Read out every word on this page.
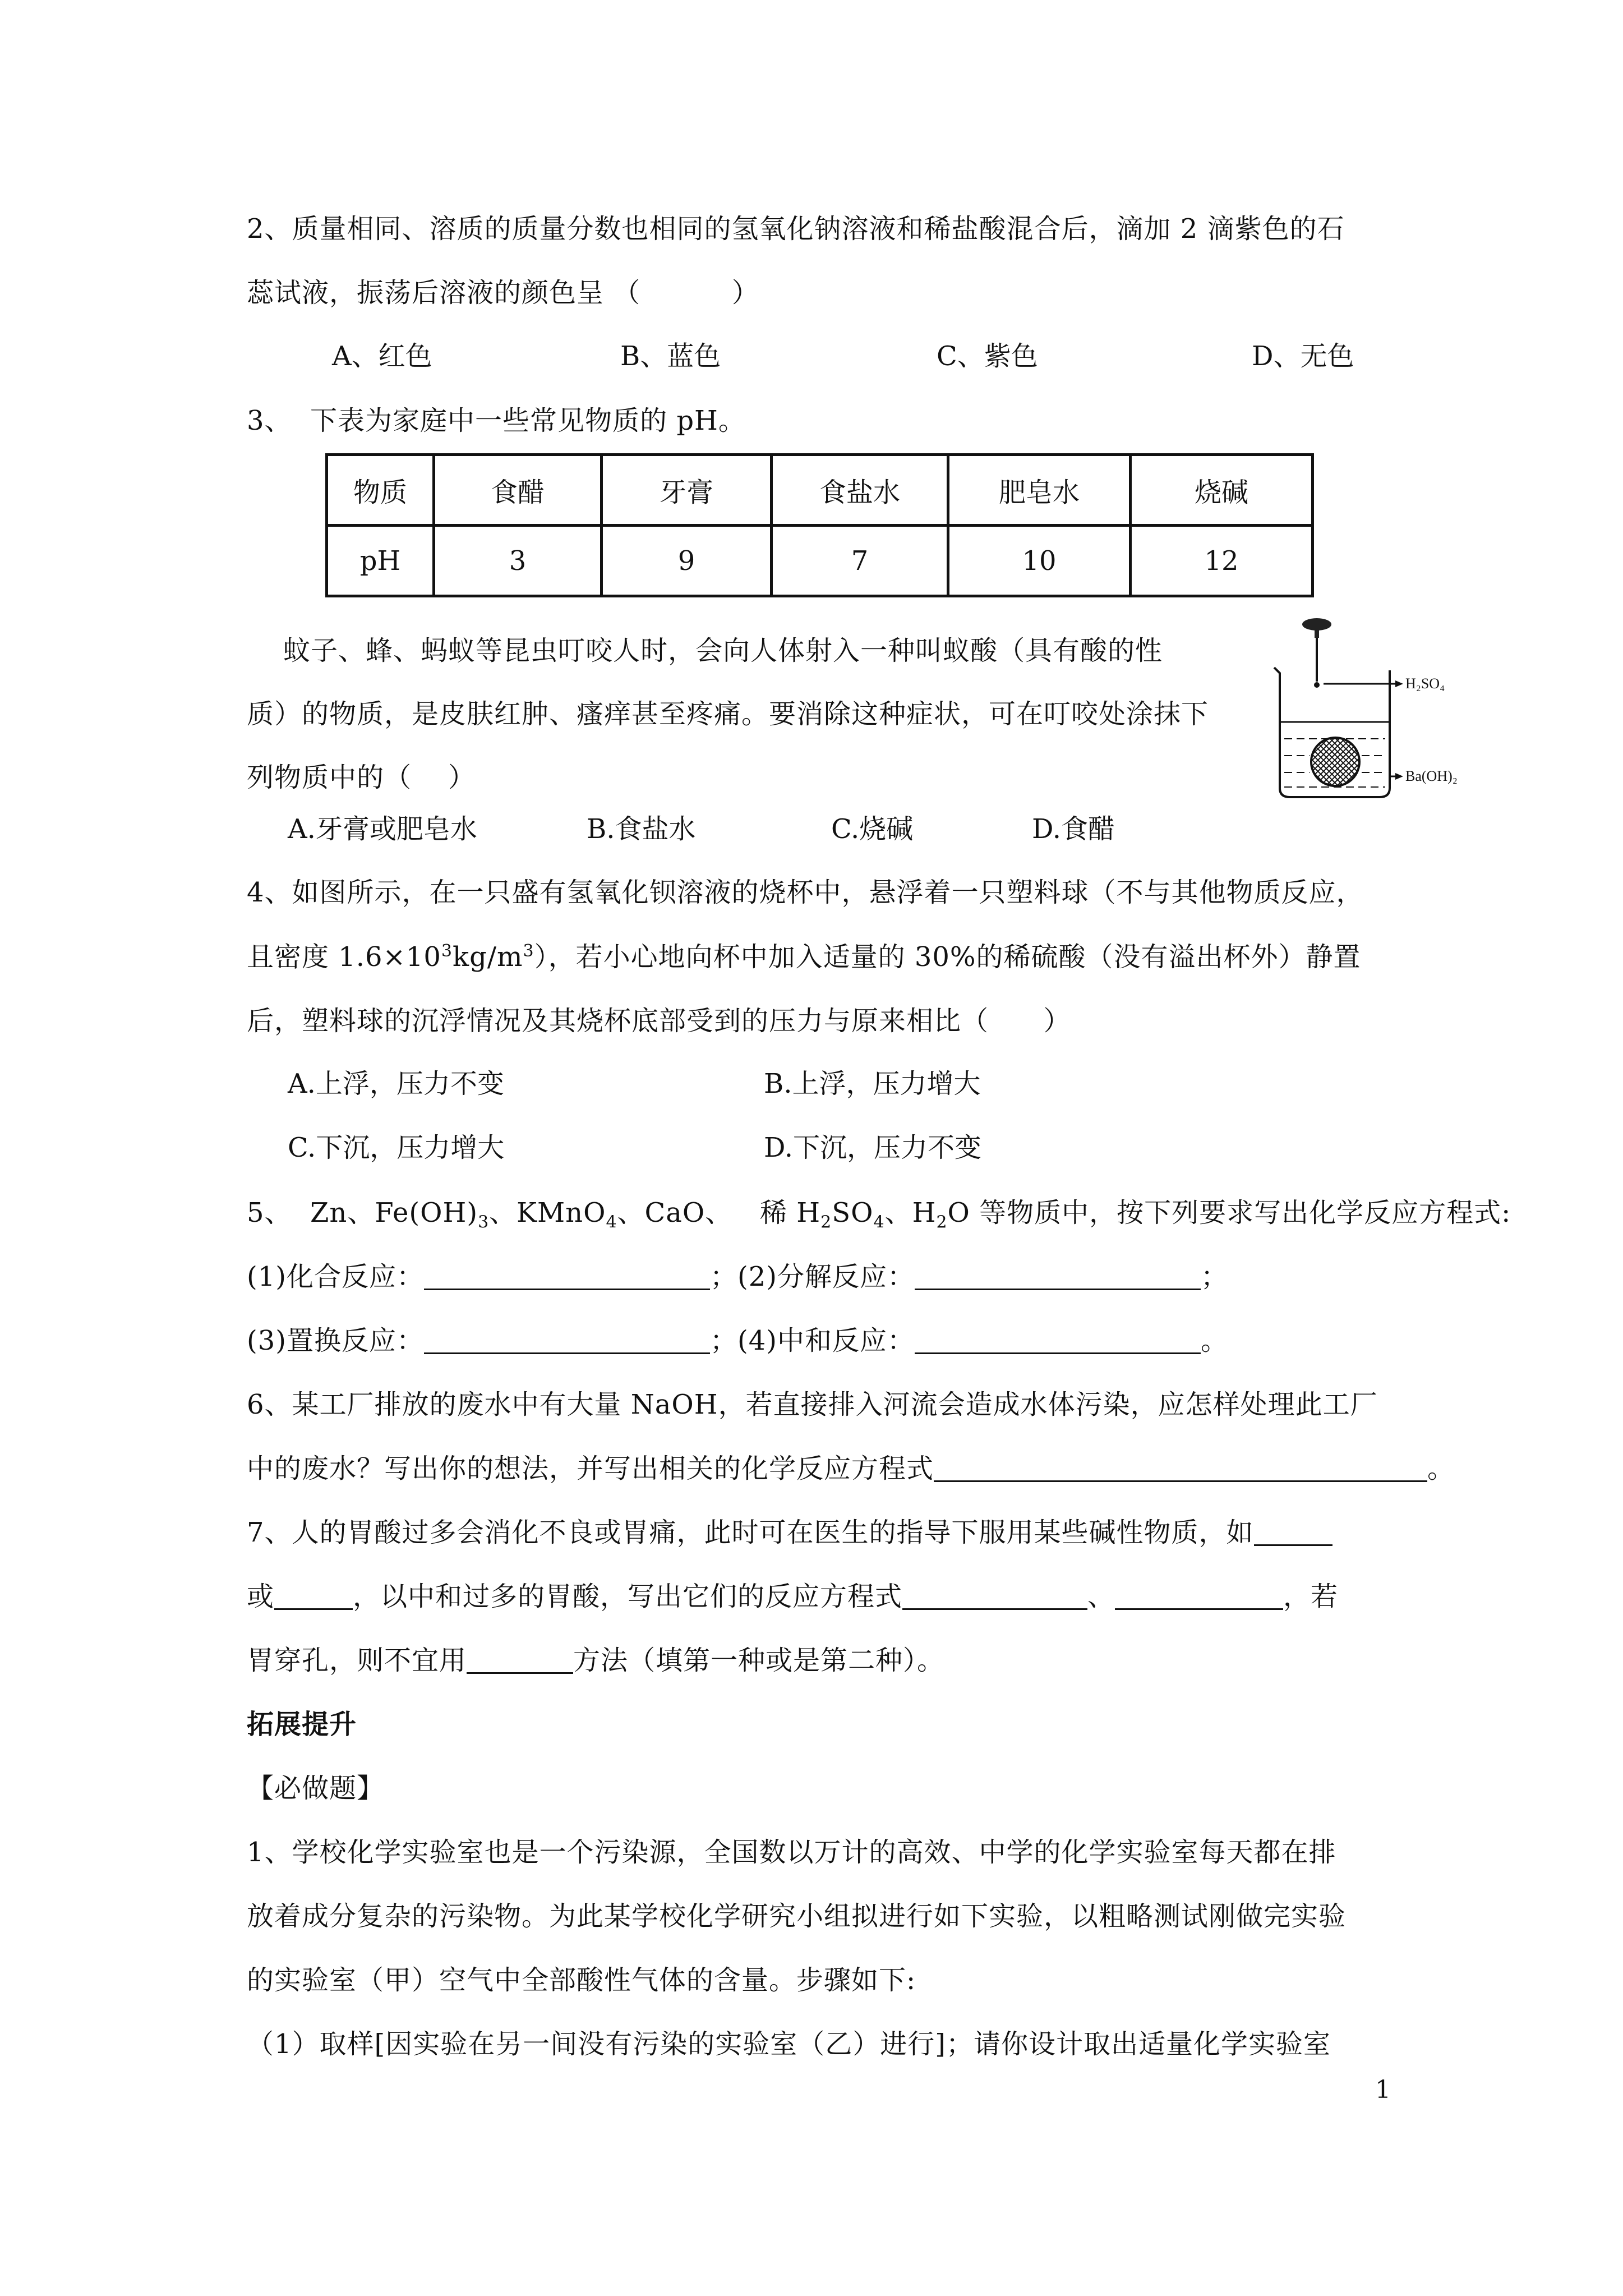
2、质量相同、溶质的质量分数也相同的氢氧化钠溶液和稀盐酸混合后，滴加 2 滴紫色的石
蕊试液，振荡后溶液的颜色呈 （          ）
A、红色	B、蓝色	C、紫色	D、无色
3、  下表为家庭中一些常见物质的 pH。
物质	食醋	牙膏	食盐水	肥皂水	烧碱
pH	3	9	7	10	12
蚊子、蜂、蚂蚁等昆虫叮咬人时，会向人体射入一种叫蚁酸（具有酸的性
质）的物质，是皮肤红肿、瘙痒甚至疼痛。要消除这种症状，可在叮咬处涂抹下
列物质中的（    ）
H₂SO₄
Ba(OH)₂
A.牙膏或肥皂水	B.食盐水	C.烧碱	D.食醋
4、如图所示，在一只盛有氢氧化钡溶液的烧杯中，悬浮着一只塑料球（不与其他物质反应，
且密度 $1.6\times 10^3kg/m^3$），若小心地向杯中加入适量的 30%的稀硫酸（没有溢出杯外）静置
后，塑料球的沉浮情况及其烧杯底部受到的压力与原来相比（      ）
A.上浮，压力不变	B.上浮，压力增大
C.下沉，压力增大	D.下沉，压力不变
5、  Zn、$Fe(OH)_3$、KMnO$_4$、CaO、   稀 $H_2SO_4$、$H_2O$ 等物质中，按下列要求写出化学反应方程式:
(1)化合反应：	；(2)分解反应：	；
(3)置换反应：	；(4)中和反应：	。
6、某工厂排放的废水中有大量 NaOH，若直接排入河流会造成水体污染，应怎样处理此工厂
中的废水？写出你的想法，并写出相关的化学反应方程式	。
7、人的胃酸过多会消化不良或胃痛，此时可在医生的指导下服用某些碱性物质，如
或	，以中和过多的胃酸，写出它们的反应方程式	、	，若
胃穿孔，则不宜用	方法（填第一种或是第二种）。
拓展提升
【必做题】
1、学校化学实验室也是一个污染源，全国数以万计的高效、中学的化学实验室每天都在排
放着成分复杂的污染物。为此某学校化学研究小组拟进行如下实验，以粗略测试刚做完实验
的实验室（甲）空气中全部酸性气体的含量。步骤如下:
（1）取样[因实验在另一间没有污染的实验室（乙）进行]；请你设计取出适量化学实验室
1
